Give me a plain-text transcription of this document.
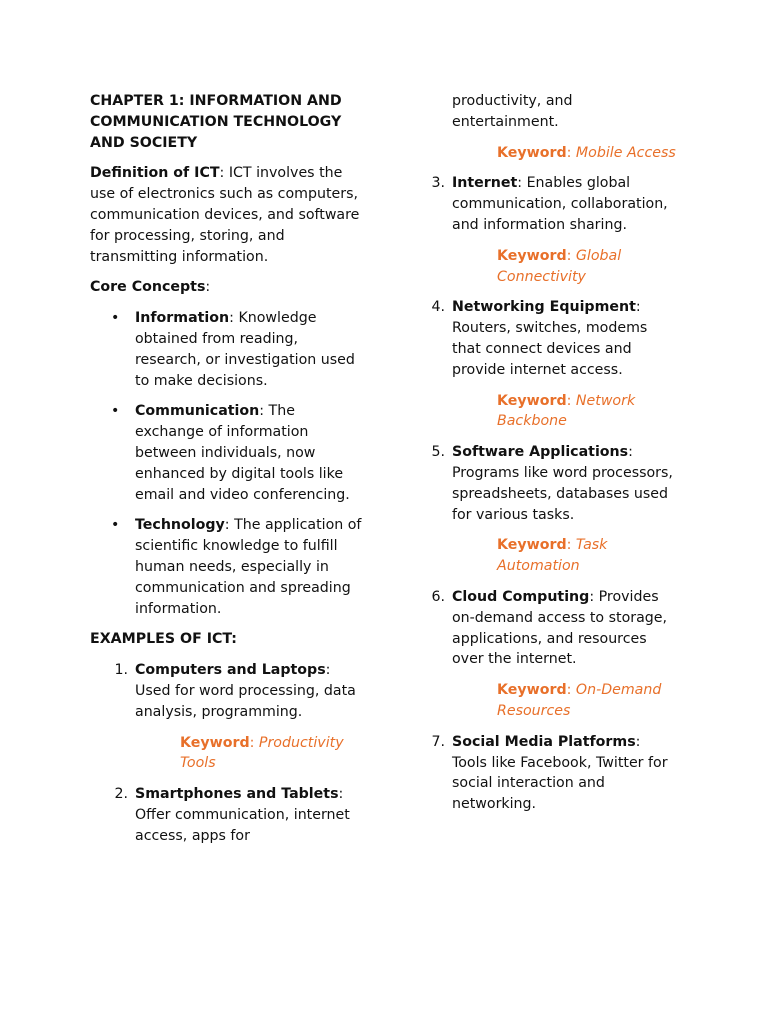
CHAPTER 1: INFORMATION AND COMMUNICATION TECHNOLOGY AND SOCIETY

Definition of ICT: ICT involves the use of electronics such as computers, communication devices, and software for processing, storing, and transmitting information.

Core Concepts:

• Information: Knowledge obtained from reading, research, or investigation used to make decisions.
• Communication: The exchange of information between individuals, now enhanced by digital tools like email and video conferencing.
• Technology: The application of scientific knowledge to fulfill human needs, especially in communication and spreading information.

EXAMPLES OF ICT:

1. Computers and Laptops: Used for word processing, data analysis, programming.
Keyword: Productivity Tools
2. Smartphones and Tablets: Offer communication, internet access, apps for
productivity, and entertainment.
Keyword: Mobile Access
3. Internet: Enables global communication, collaboration, and information sharing.
Keyword: Global Connectivity
4. Networking Equipment: Routers, switches, modems that connect devices and provide internet access.
Keyword: Network Backbone
5. Software Applications: Programs like word processors, spreadsheets, databases used for various tasks.
Keyword: Task Automation
6. Cloud Computing: Provides on-demand access to storage, applications, and resources over the internet.
Keyword: On-Demand Resources
7. Social Media Platforms: Tools like Facebook, Twitter for social interaction and networking.
